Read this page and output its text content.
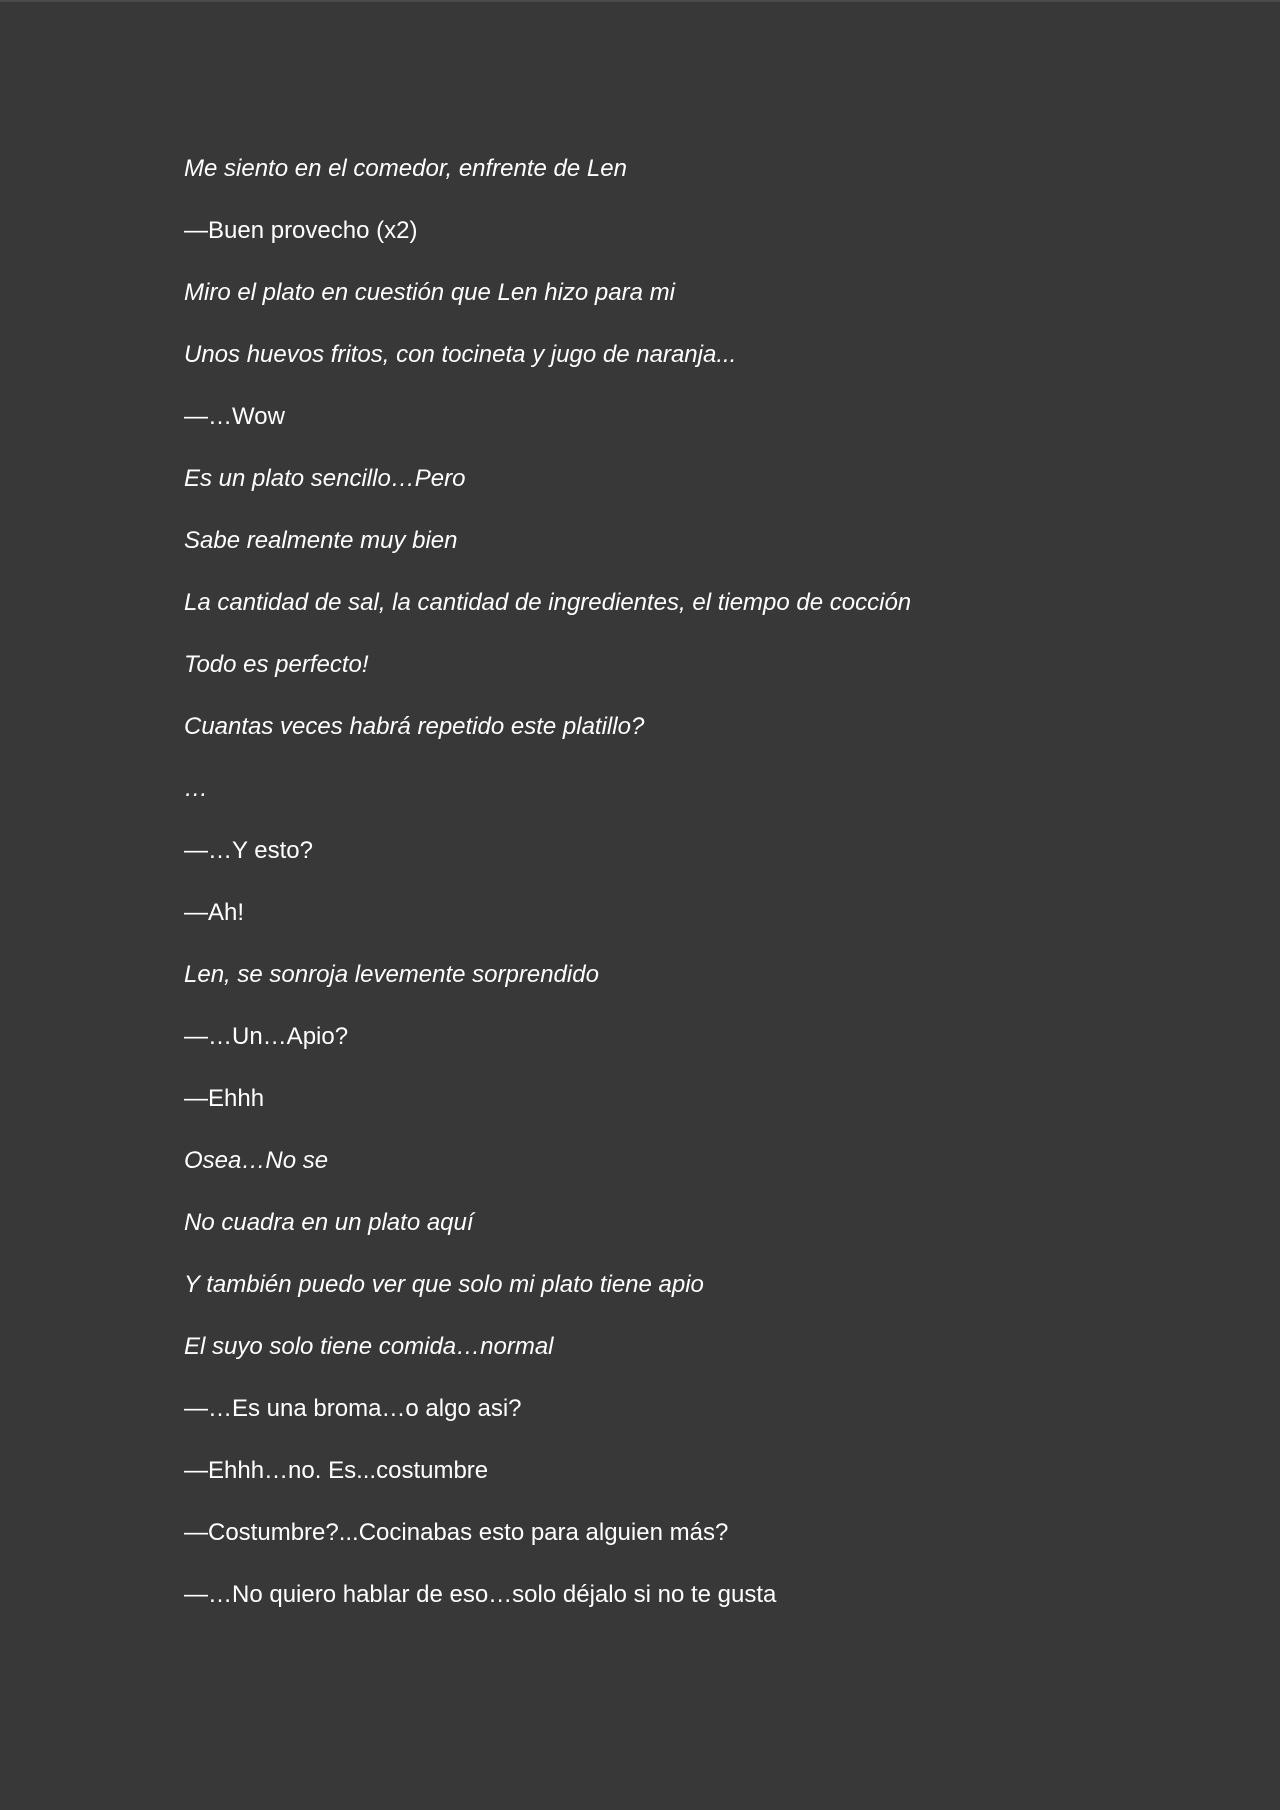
Me siento en el comedor, enfrente de Len
—Buen provecho (x2)
Miro el plato en cuestión que Len hizo para mi
Unos huevos fritos, con tocineta y jugo de naranja...
—…Wow
Es un plato sencillo…Pero
Sabe realmente muy bien
La cantidad de sal, la cantidad de ingredientes, el tiempo de cocción
Todo es perfecto!
Cuantas veces habrá repetido este platillo?
…
—…Y esto?
—Ah!
Len, se sonroja levemente sorprendido
—…Un…Apio?
—Ehhh
Osea…No se
No cuadra en un plato aquí
Y también puedo ver que solo mi plato tiene apio
El suyo solo tiene comida…normal
—…Es una broma…o algo asi?
—Ehhh…no. Es...costumbre
—Costumbre?...Cocinabas esto para alguien más?
—…No quiero hablar de eso…solo déjalo si no te gusta
